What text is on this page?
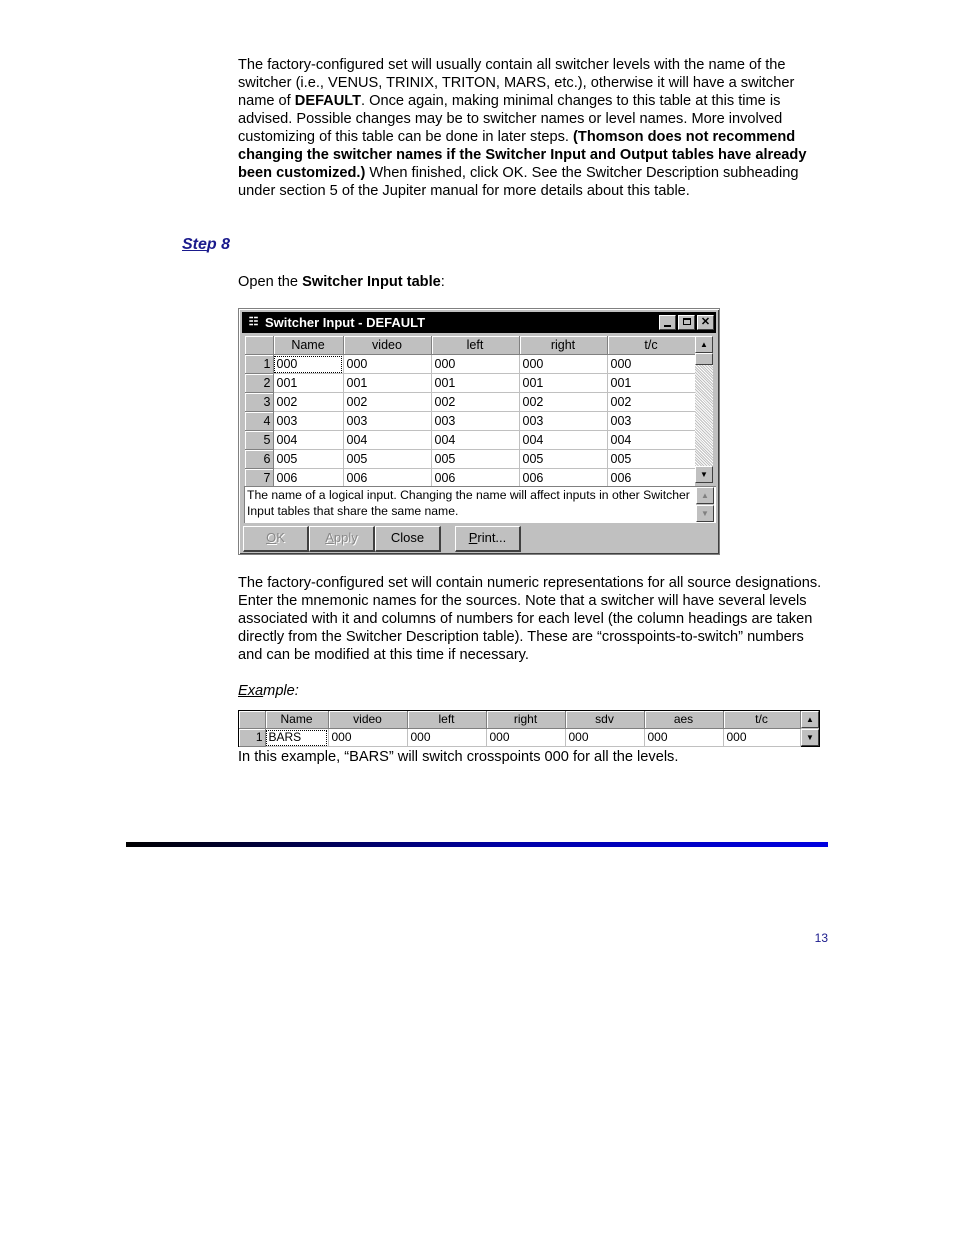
The factory-configured set will usually contain all switcher levels with the name of the switcher (i.e., VENUS, TRINIX, TRITON, MARS, etc.), otherwise it will have a switcher name of DEFAULT. Once again, making minimal changes to this table at this time is advised. Possible changes may be to switcher names or level names. More involved customizing of this table can be done in later steps. (Thomson does not recommend changing the switcher names if the Switcher Input and Output tables have already been customized.) When finished, click OK. See the Switcher Description subheading under section 5 of the Jupiter manual for more details about this table.

Step 8

Open the Switcher Input table:

☷ Switcher Input - DEFAULT	✕
	Name	video	left	right	t/c
1	000	000	000	000	000
2	001	001	001	001	001
3	002	002	002	002	002
4	003	003	003	003	003
5	004	004	004	004	004
6	005	005	005	005	005
7	006	006	006	006	006
▲
▼
The name of a logical input. Changing the name will affect inputs in other Switcher Input tables that share the same name.
▲
▼
OK	Apply	Close	Print...

The factory-configured set will contain numeric representations for all source designations. Enter the mnemonic names for the sources. Note that a switcher will have several levels associated with it and columns of numbers for each level (the column headings are taken directly from the Switcher Description table). These are “crosspoints-to-switch” numbers and can be modified at this time if necessary.

Example:

	Name	video	left	right	sdv	aes	t/c
1	BARS	000	000	000	000	000	000
▲
▼

In this example, “BARS” will switch crosspoints 000 for all the levels.

13
